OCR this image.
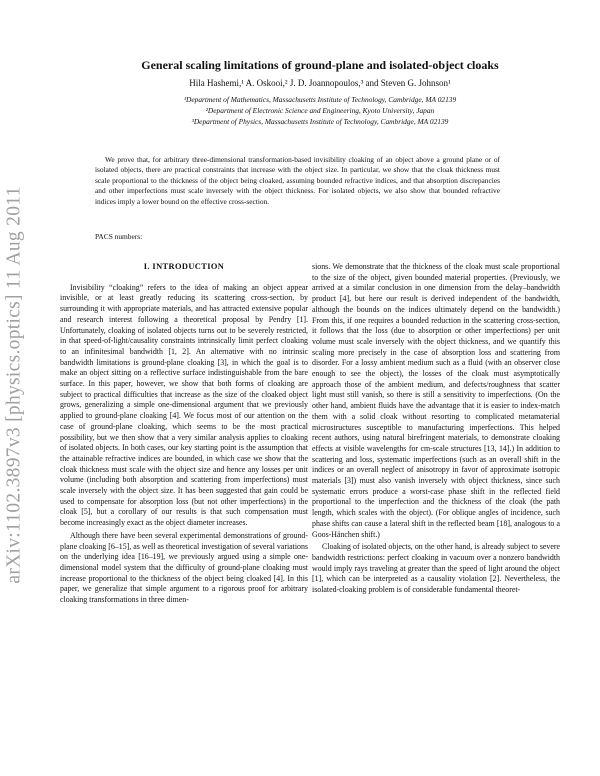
arXiv:1102.3897v3 [physics.optics] 11 Aug 2011
General scaling limitations of ground-plane and isolated-object cloaks
Hila Hashemi,¹ A. Oskooi,² J. D. Joannopoulos,³ and Steven G. Johnson¹
¹Department of Mathematics, Massachusetts Institute of Technology, Cambridge, MA 02139
²Department of Electronic Science and Engineering, Kyoto University, Japan
³Department of Physics, Massachusetts Institute of Technology, Cambridge, MA 02139
We prove that, for arbitrary three-dimensional transformation-based invisibility cloaking of an object above a ground plane or of isolated objects, there are practical constraints that increase with the object size. In particular, we show that the cloak thickness must scale proportional to the thickness of the object being cloaked, assuming bounded refractive indices, and that absorption discrepancies and other imperfections must scale inversely with the object thickness. For isolated objects, we also show that bounded refractive indices imply a lower bound on the effective cross-section.
PACS numbers:
I. INTRODUCTION

Invisibility “cloaking” refers to the idea of making an object appear invisible, or at least greatly reducing its scattering cross-section, by surrounding it with appropriate materials, and has attracted extensive popular and research interest following a theoretical proposal by Pendry [1]. Unfortunately, cloaking of isolated objects turns out to be severely restricted, in that speed-of-light/causality constraints intrinsically limit perfect cloaking to an infinitesimal bandwidth [1, 2]. An alternative with no intrinsic bandwidth limitations is ground-plane cloaking [3], in which the goal is to make an object sitting on a reflective surface indistinguishable from the bare surface. In this paper, however, we show that both forms of cloaking are subject to practical difficulties that increase as the size of the cloaked object grows, generalizing a simple one-dimensional argument that we previously applied to ground-plane cloaking [4]. We focus most of our attention on the case of ground-plane cloaking, which seems to be the most practical possibility, but we then show that a very similar analysis applies to cloaking of isolated objects. In both cases, our key starting point is the assumption that the attainable refractive indices are bounded, in which case we show that the cloak thickness must scale with the object size and hence any losses per unit volume (including both absorption and scattering from imperfections) must scale inversely with the object size. It has been suggested that gain could be used to compensate for absorption loss (but not other imperfections) in the cloak [5], but a corollary of our results is that such compensation must become increasingly exact as the object diameter increases.

Although there have been several experimental demonstrations of ground-plane cloaking [6–15], as well as theoretical investigation of several variations on the underlying idea [16–19], we previously argued using a simple one-dimensional model system that the difficulty of ground-plane cloaking must increase proportional to the thickness of the object being cloaked [4]. In this paper, we generalize that simple argument to a rigorous proof for arbitrary cloaking transformations in three dimen-

sions. We demonstrate that the thickness of the cloak must scale proportional to the size of the object, given bounded material properties. (Previously, we arrived at a similar conclusion in one dimension from the delay–bandwidth product [4], but here our result is derived independent of the bandwidth, although the bounds on the indices ultimately depend on the bandwidth.) From this, if one requires a bounded reduction in the scattering cross-section, it follows that the loss (due to absorption or other imperfections) per unit volume must scale inversely with the object thickness, and we quantify this scaling more precisely in the case of absorption loss and scattering from disorder. For a lossy ambient medium such as a fluid (with an observer close enough to see the object), the losses of the cloak must asymptotically approach those of the ambient medium, and defects/roughness that scatter light must still vanish, so there is still a sensitivity to imperfections. (On the other hand, ambient fluids have the advantage that it is easier to index-match them with a solid cloak without resorting to complicated metamaterial microstructures susceptible to manufacturing imperfections. This helped recent authors, using natural birefringent materials, to demonstrate cloaking effects at visible wavelengths for cm-scale structures [13, 14].) In addition to scattering and loss, systematic imperfections (such as an overall shift in the indices or an overall neglect of anisotropy in favor of approximate isotropic materials [3]) must also vanish inversely with object thickness, since such systematic errors produce a worst-case phase shift in the reflected field proportional to the imperfection and the thickness of the cloak (the path length, which scales with the object). (For oblique angles of incidence, such phase shifts can cause a lateral shift in the reflected beam [18], analogous to a Goos-Hänchen shift.)

Cloaking of isolated objects, on the other hand, is already subject to severe bandwidth restrictions: perfect cloaking in vacuum over a nonzero bandwidth would imply rays traveling at greater than the speed of light around the object [1], which can be interpreted as a causality violation [2]. Nevertheless, the isolated-cloaking problem is of considerable fundamental theoret-
